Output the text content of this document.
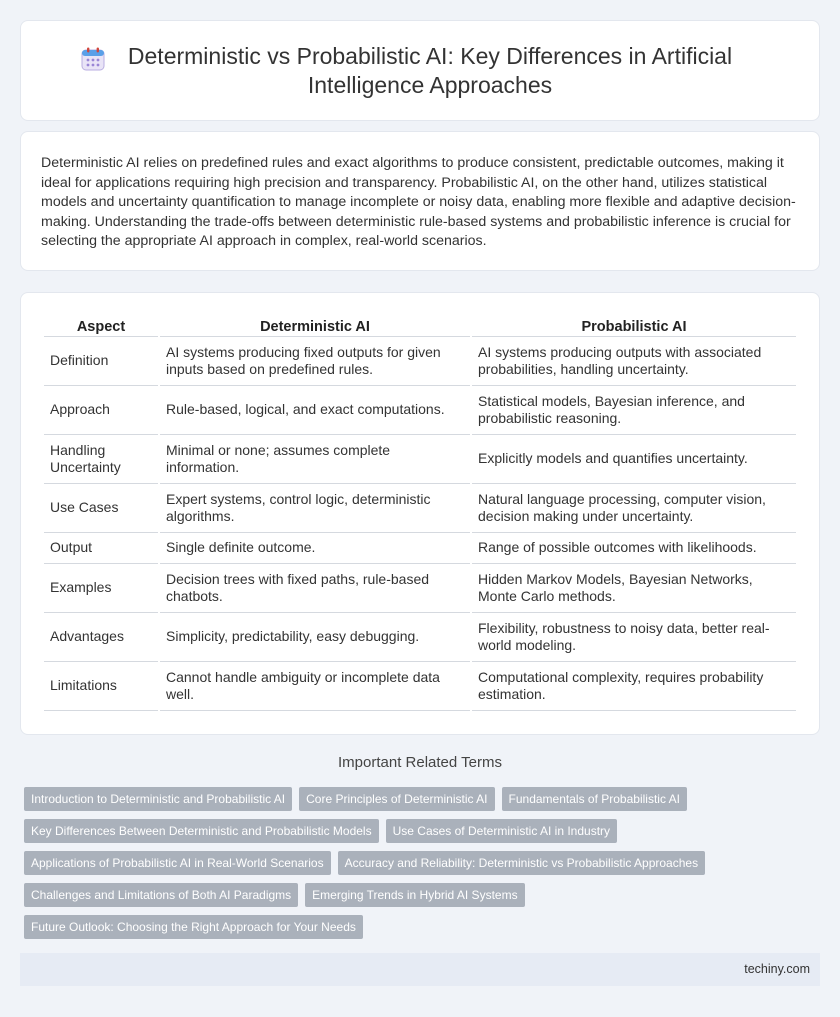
Deterministic vs Probabilistic AI: Key Differences in Artificial Intelligence Approaches

Deterministic AI relies on predefined rules and exact algorithms to produce consistent, predictable outcomes, making it ideal for applications requiring high precision and transparency. Probabilistic AI, on the other hand, utilizes statistical models and uncertainty quantification to manage incomplete or noisy data, enabling more flexible and adaptive decision-making. Understanding the trade-offs between deterministic rule-based systems and probabilistic inference is crucial for selecting the appropriate AI approach in complex, real-world scenarios.

Aspect	Deterministic AI	Probabilistic AI
Definition	AI systems producing fixed outputs for given inputs based on predefined rules.	AI systems producing outputs with associated probabilities, handling uncertainty.
Approach	Rule-based, logical, and exact computations.	Statistical models, Bayesian inference, and probabilistic reasoning.
Handling Uncertainty	Minimal or none; assumes complete information.	Explicitly models and quantifies uncertainty.
Use Cases	Expert systems, control logic, deterministic algorithms.	Natural language processing, computer vision, decision making under uncertainty.
Output	Single definite outcome.	Range of possible outcomes with likelihoods.
Examples	Decision trees with fixed paths, rule-based chatbots.	Hidden Markov Models, Bayesian Networks, Monte Carlo methods.
Advantages	Simplicity, predictability, easy debugging.	Flexibility, robustness to noisy data, better real-world modeling.
Limitations	Cannot handle ambiguity or incomplete data well.	Computational complexity, requires probability estimation.
Important Related Terms
Introduction to Deterministic and Probabilistic AI	Core Principles of Deterministic AI	Fundamentals of Probabilistic AI
Key Differences Between Deterministic and Probabilistic Models	Use Cases of Deterministic AI in Industry
Applications of Probabilistic AI in Real-World Scenarios	Accuracy and Reliability: Deterministic vs Probabilistic Approaches
Challenges and Limitations of Both AI Paradigms	Emerging Trends in Hybrid AI Systems
Future Outlook: Choosing the Right Approach for Your Needs
techiny.com
